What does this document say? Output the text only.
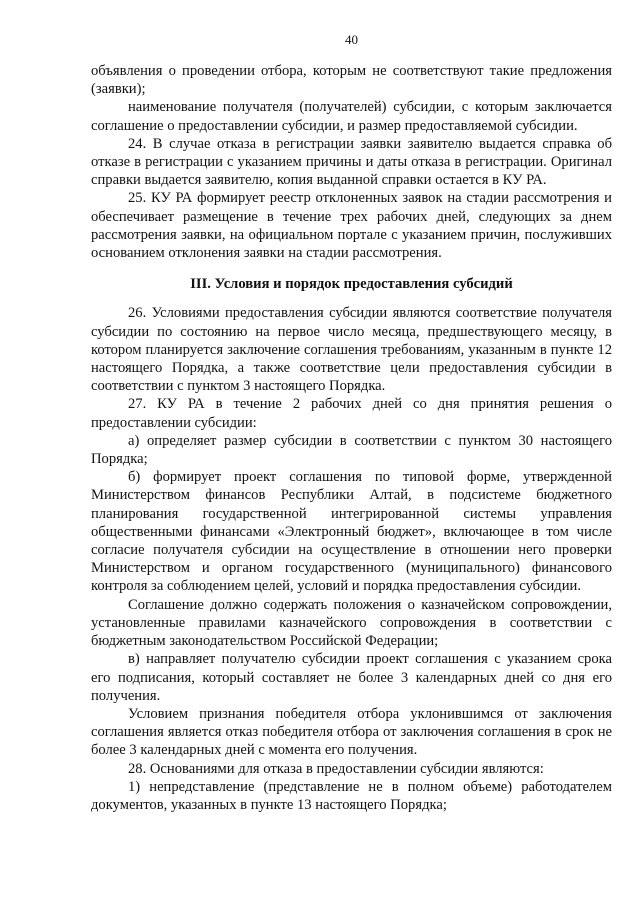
40

объявления о проведении отбора, которым не соответствуют такие предложения (заявки);

наименование получателя (получателей) субсидии, с которым заключается соглашение о предоставлении субсидии, и размер предоставляемой субсидии.

24. В случае отказа в регистрации заявки заявителю выдается справка об отказе в регистрации с указанием причины и даты отказа в регистрации. Оригинал справки выдается заявителю, копия выданной справки остается в КУ РА.

25. КУ РА формирует реестр отклоненных заявок на стадии рассмотрения и обеспечивает размещение в течение трех рабочих дней, следующих за днем рассмотрения заявки, на официальном портале с указанием причин, послуживших основанием отклонения заявки на стадии рассмотрения.

III. Условия и порядок предоставления субсидий

26. Условиями предоставления субсидии являются соответствие получателя субсидии по состоянию на первое число месяца, предшествующего месяцу, в котором планируется заключение соглашения требованиям, указанным в пункте 12 настоящего Порядка, а также соответствие цели предоставления субсидии в соответствии с пунктом 3 настоящего Порядка.

27. КУ РА в течение 2 рабочих дней со дня принятия решения о предоставлении субсидии:

а) определяет размер субсидии в соответствии с пунктом 30 настоящего Порядка;

б) формирует проект соглашения по типовой форме, утвержденной Министерством финансов Республики Алтай, в подсистеме бюджетного планирования государственной интегрированной системы управления общественными финансами «Электронный бюджет», включающее в том числе согласие получателя субсидии на осуществление в отношении него проверки Министерством и органом государственного (муниципального) финансового контроля за соблюдением целей, условий и порядка предоставления субсидии.

Соглашение должно содержать положения о казначейском сопровождении, установленные правилами казначейского сопровождения в соответствии с бюджетным законодательством Российской Федерации;

в) направляет получателю субсидии проект соглашения с указанием срока его подписания, который составляет не более 3 календарных дней со дня его получения.

Условием признания победителя отбора уклонившимся от заключения соглашения является отказ победителя отбора от заключения соглашения в срок не более 3 календарных дней с момента его получения.

28. Основаниями для отказа в предоставлении субсидии являются:

1) непредставление (представление не в полном объеме) работодателем документов, указанных в пункте 13 настоящего Порядка;
